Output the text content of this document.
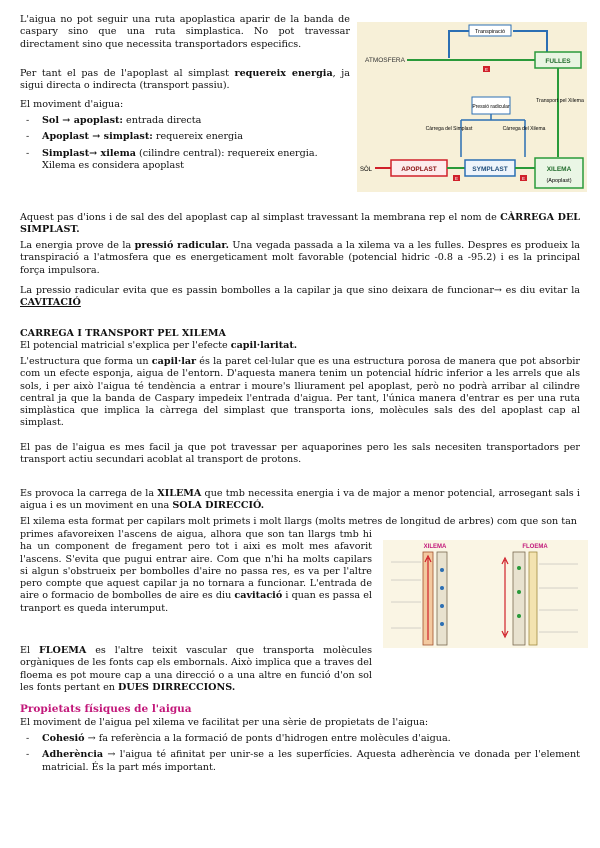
L'aigua no pot seguir una ruta apoplastica aparir de la banda de caspary sino que una ruta simplastica. No pot travessar directament sino que necessita transportadors especifics.

Per tant el pas de l'apoplast al simplast requereix energia, ja sigui directa o indirecta (transport passiu).

El moviment d'aigua:

- Sol → apoplast: entrada directa
- Apoplast → simplast: requereix energia
- Simplast→ xilema (cilindre central): requereix energia. Xilema es considera apoplast
Transpiració
ATMOSFERA	FULLES
E
Transport pel Xilema
Pressió radicular
Càrrega del Simplast	Càrrega del Xilema
SÒL	APOPLAST	SYMPLAST	XILEMA
(Apoplast)
E	E

Aquest pas d'ions i de sal des del apoplast cap al simplast travessant la membrana rep el nom de CÀRREGA DEL SIMPLAST.

La energia prove de la pressió radicular. Una vegada passada a la xilema va a les fulles. Despres es produeix la transpiració a l'atmosfera que es energeticament molt favorable (potencial hidric -0.8 a -95.2) i es la principal força impulsora.

La pressio radicular evita que es passin bombolles a la capilar ja que sino deixara de funcionar→ es diu evitar la CAVITACIÓ

CARREGA I TRANSPORT PEL XILEMA

El potencial matricial s'explica per l'efecte capil·laritat.

L'estructura que forma un capil·lar és la paret cel·lular que es una estructura porosa de manera que pot absorbir com un efecte esponja, aigua de l'entorn. D'aquesta manera tenim un potencial hídric inferior a les arrels que als sols, i per això l'aigua té tendència a entrar i moure's lliurament pel apoplast, però no podrà arribar al cilindre central ja que la banda de Caspary impedeix l'entrada d'aigua. Per tant, l'única manera d'entrar es per una ruta simplàstica que implica la càrrega del simplast que transporta ions, molècules sals des del apoplast cap al simplast.

El pas de l'aigua es mes facil ja que pot travessar per aquaporines pero les sals necesiten transportadors per transport actiu secundari acoblat al transport de protons.

Es provoca la carrega de la XILEMA que tmb necessita energia i va de major a menor potencial, arrosegant sals i aigua i es un moviment en una SOLA DIRECCIÓ.

El xilema esta format per capilars molt primets i molt llargs (molts metres de longitud de arbres) com que son tan

primes afavoreixen l'ascens de aigua, alhora que son tan llargs tmb hi ha un component de fregament pero tot i aixi es molt mes afavorit l'ascens. S'evita que pugui entrar aire. Com que n'hi ha molts capilars si algun s'obstrueix per bombolles d'aire no passa res, es va per l'altre pero compte que aquest capilar ja no tornara a funcionar. L'entrada de aire o formacio de bombolles de aire es diu cavitació i quan es passa el tranport es queda interumput.

XILEMA	FLOEMA

El FLOEMA es l'altre teixit vascular que transporta molècules orgàniques de les fonts cap els embornals. Això implica que a traves del floema es pot moure cap a una direcció o a una altre en funció d'on sol les fonts pertant en DUES DIRRECCIONS.

Propietats físiques de l'aigua

El moviment de l'aigua pel xilema ve facilitat per una sèrie de propietats de l'aigua:

- Cohesió → fa referència a la formació de ponts d'hidrogen entre molècules d'aigua.
- Adherència → l'aigua té afinitat per unir-se a les superfícies. Aquesta adherència ve donada per l'element matricial. És la part més important.
